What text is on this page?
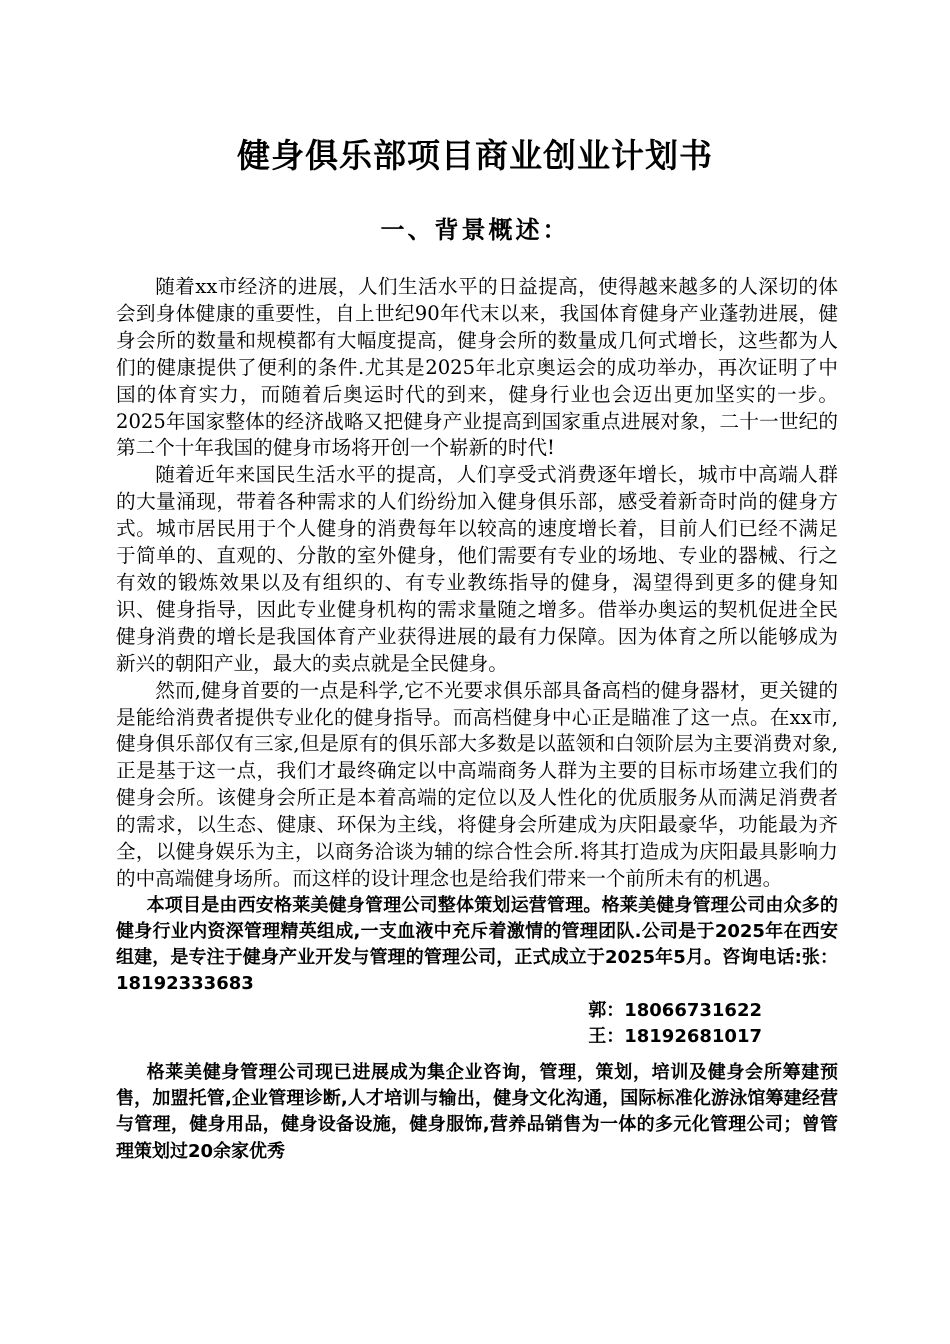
健身俱乐部项目商业创业计划书
一、背景概述：

随着xx市经济的进展，人们生活水平的日益提高，使得越来越多的人深切的体会到身体健康的重要性，自上世纪90年代末以来，我国体育健身产业蓬勃进展，健身会所的数量和规模都有大幅度提高，健身会所的数量成几何式增长，这些都为人们的健康提供了便利的条件.尤其是2025年北京奥运会的成功举办，再次证明了中国的体育实力，而随着后奥运时代的到来，健身行业也会迈出更加坚实的一步。2025年国家整体的经济战略又把健身产业提高到国家重点进展对象，二十一世纪的第二个十年我国的健身市场将开创一个崭新的时代!

随着近年来国民生活水平的提高，人们享受式消费逐年增长，城市中高端人群的大量涌现，带着各种需求的人们纷纷加入健身俱乐部，感受着新奇时尚的健身方式。城市居民用于个人健身的消费每年以较高的速度增长着，目前人们已经不满足于简单的、直观的、分散的室外健身，他们需要有专业的场地、专业的器械、行之有效的锻炼效果以及有组织的、有专业教练指导的健身，渴望得到更多的健身知识、健身指导，因此专业健身机构的需求量随之增多。借举办奥运的契机促进全民健身消费的增长是我国体育产业获得进展的最有力保障。因为体育之所以能够成为新兴的朝阳产业，最大的卖点就是全民健身。

然而,健身首要的一点是科学,它不光要求俱乐部具备高档的健身器材，更关键的是能给消费者提供专业化的健身指导。而高档健身中心正是瞄准了这一点。在xx市,健身俱乐部仅有三家,但是原有的俱乐部大多数是以蓝领和白领阶层为主要消费对象,正是基于这一点，我们才最终确定以中高端商务人群为主要的目标市场建立我们的健身会所。该健身会所正是本着高端的定位以及人性化的优质服务从而满足消费者的需求，以生态、健康、环保为主线，将健身会所建成为庆阳最豪华，功能最为齐全，以健身娱乐为主，以商务洽谈为辅的综合性会所.将其打造成为庆阳最具影响力的中高端健身场所。而这样的设计理念也是给我们带来一个前所未有的机遇。

本项目是由西安格莱美健身管理公司整体策划运营管理。格莱美健身管理公司由众多的健身行业内资深管理精英组成,一支血液中充斥着激情的管理团队.公司是于2025年在西安组建，是专注于健身产业开发与管理的管理公司，正式成立于2025年5月。咨询电话:张：18192333683

郭：18066731622

王：18192681017

格莱美健身管理公司现已进展成为集企业咨询，管理，策划，培训及健身会所筹建预售，加盟托管,企业管理诊断,人才培训与输出，健身文化沟通，国际标准化游泳馆筹建经营与管理，健身用品，健身设备设施，健身服饰,营养品销售为一体的多元化管理公司；曾管理策划过20余家优秀
